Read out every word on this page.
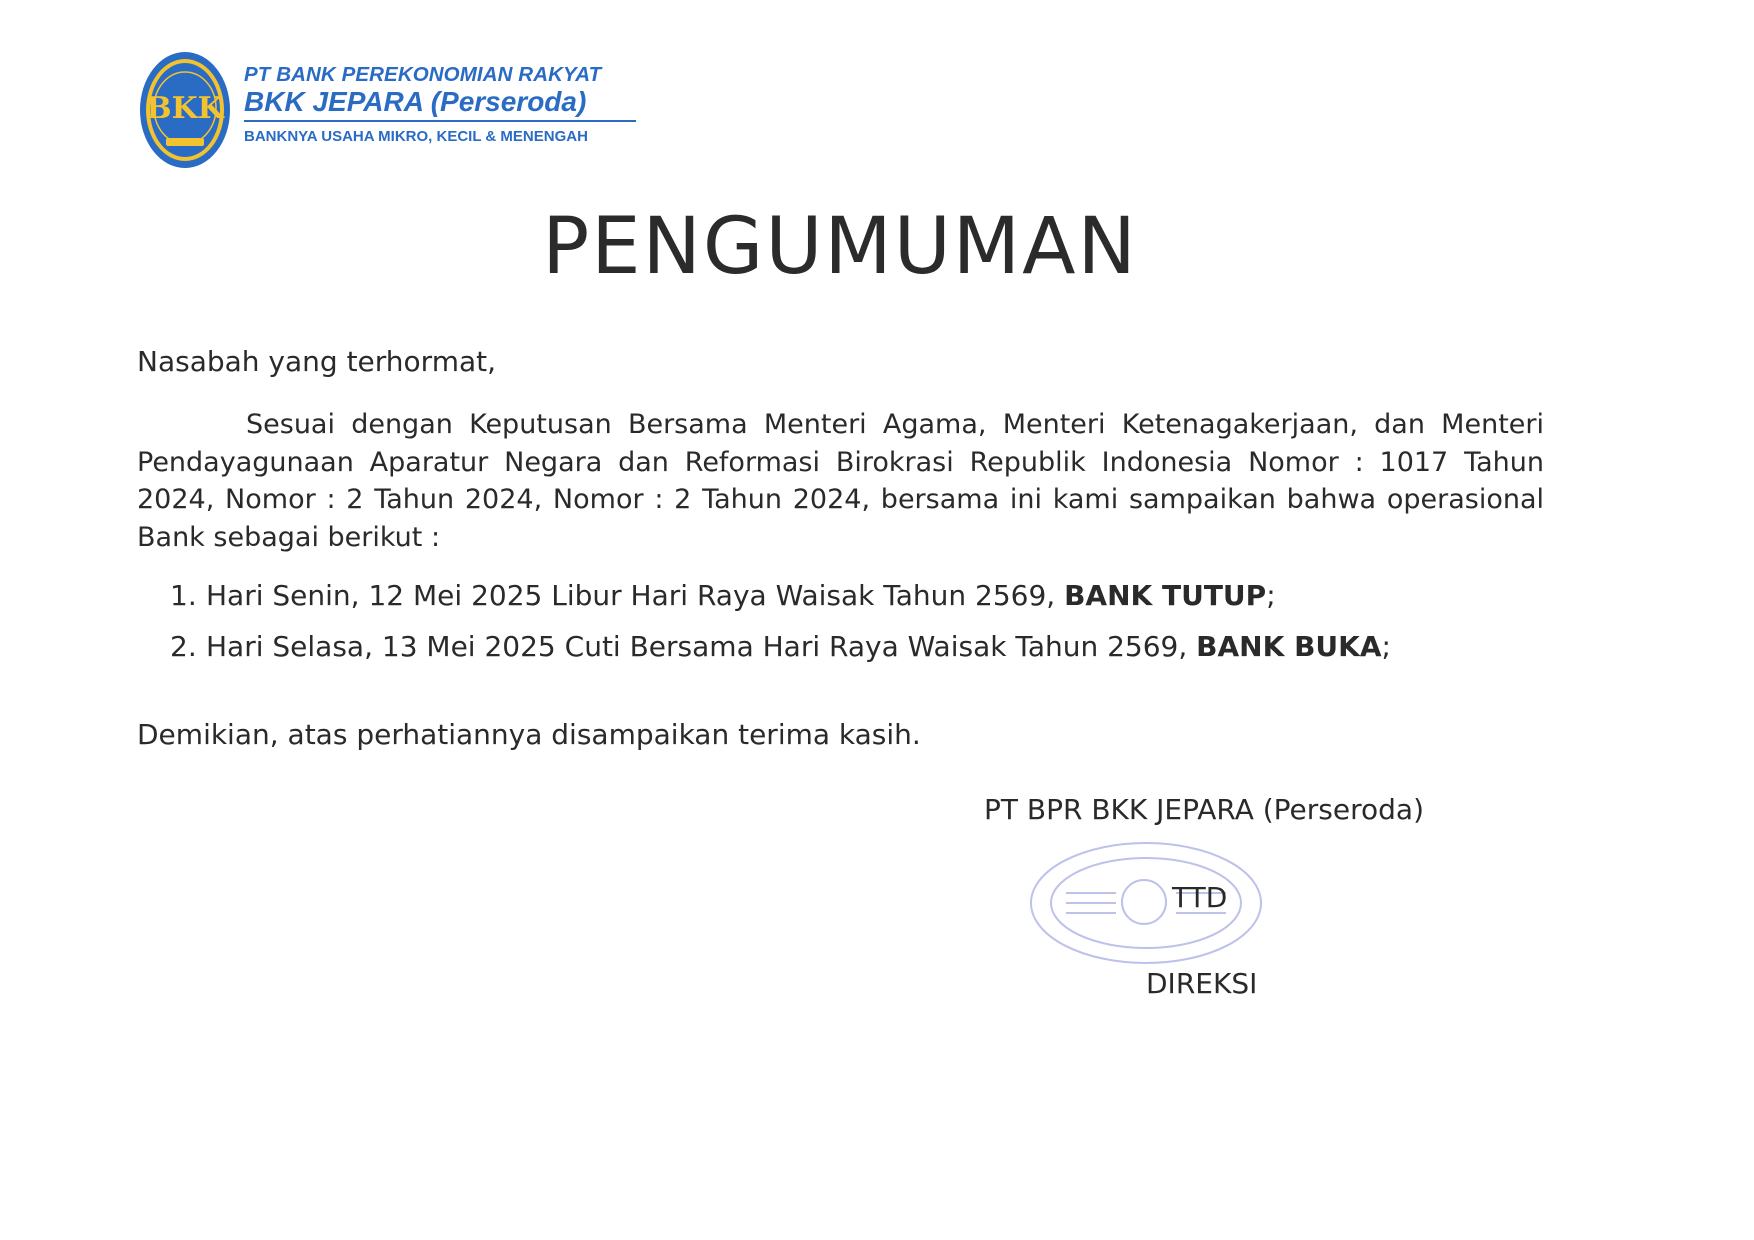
BKK
PT BANK PEREKONOMIAN RAKYAT
BKK JEPARA (Perseroda)
BANKNYA USAHA MIKRO, KECIL & MENENGAH
PENGUMUMAN
Nasabah yang terhormat,
Sesuai dengan Keputusan Bersama Menteri Agama, Menteri Ketenagakerjaan, dan Menteri Pendayagunaan Aparatur Negara dan Reformasi Birokrasi Republik Indonesia Nomor : 1017 Tahun 2024, Nomor : 2 Tahun 2024, Nomor : 2 Tahun 2024, bersama ini kami sampaikan bahwa operasional Bank sebagai berikut :
1. Hari Senin, 12 Mei 2025 Libur Hari Raya Waisak Tahun 2569, BANK TUTUP;
2. Hari Selasa, 13 Mei 2025 Cuti Bersama Hari Raya Waisak Tahun 2569, BANK BUKA;
Demikian, atas perhatiannya disampaikan terima kasih.
PT BPR BKK JEPARA (Perseroda)
TTD
DIREKSI
